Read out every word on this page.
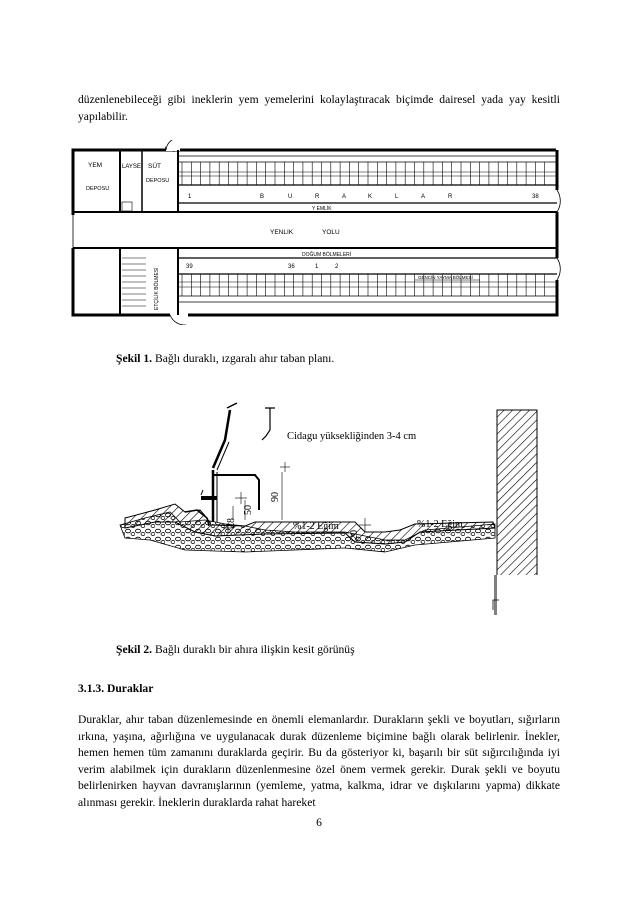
düzenlenebileceği gibi ineklerin yem yemelerini kolaylaştıracak biçimde dairesel yada yay kesitli yapılabilir.
YEM
DEPOSU
LAYSE SÜT
DEPOSU
ETÇİLİK BÖLMESİ
1	B	U	R	A	K	L	A	R	38
Y EMLİK
YENLIK	YOLU
DOĞUM BÖLMELERİ
39	36	1	2
GENCİN YAYMA BÖLMESİ
Şekil 1. Bağlı duraklı, ızgaralı ahır taban planı.
90
50
28
20
Cidagu yüksekliğinden 3-4 cm
%1-2 Eğim	%1-2 Eğim
Şekil 2. Bağlı duraklı bir ahıra ilişkin kesit görünüş
3.1.3. Duraklar
Duraklar, ahır taban düzenlemesinde en önemli elemanlardır. Durakların şekli ve boyutları, sığırların ırkına, yaşına, ağırlığına ve uygulanacak durak düzenleme biçimine bağlı olarak belirlenir. İnekler, hemen hemen tüm zamanını duraklarda geçirir. Bu da gösteriyor ki, başarılı bir süt sığırcılığında iyi verim alabilmek için durakların düzenlenmesine özel önem vermek gerekir. Durak şekli ve boyutu belirlenirken hayvan davranışlarının (yemleme, yatma, kalkma, idrar ve dışkılarını yapma) dikkate alınması gerekir. İneklerin duraklarda rahat hareket
6
